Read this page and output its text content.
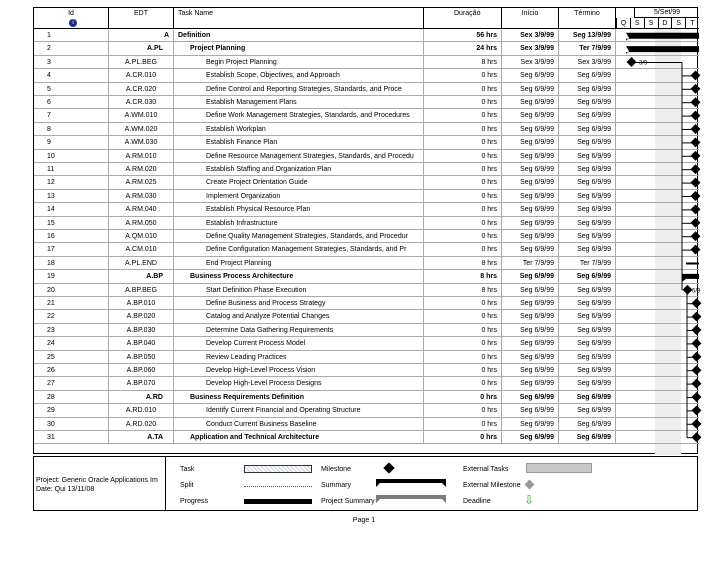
Id
i
EDT	Task Name	Duração	Início	Término	5/Set/99
Q	S	S	D	S	T
1	A	Definition	56 hrs	Sex 3/9/99	Seg 13/9/99
2	A.PL	Project Planning	24 hrs	Sex 3/9/99	Ter 7/9/99
3	A.PL.BEG	Begin Project Planning	8 hrs	Sex 3/9/99	Sex 3/9/99
4	A.CR.010	Establish Scope, Objectives, and Approach	0 hrs	Seg 6/9/99	Seg 6/9/99
5	A.CR.020	Define Control and Reporting Strategies, Standards, and Proce	0 hrs	Seg 6/9/99	Seg 6/9/99
6	A.CR.030	Establish Management Plans	0 hrs	Seg 6/9/99	Seg 6/9/99
7	A.WM.010	Define Work Management Strategies, Standards, and Procedures	0 hrs	Seg 6/9/99	Seg 6/9/99
8	A.WM.020	Establish Workplan	0 hrs	Seg 6/9/99	Seg 6/9/99
9	A.WM.030	Establish Finance Plan	0 hrs	Seg 6/9/99	Seg 6/9/99
10	A.RM.010	Define Resource Management Strategies, Standards, and Procedu	0 hrs	Seg 6/9/99	Seg 6/9/99
11	A.RM.020	Establish Staffing and Organization Plan	0 hrs	Seg 6/9/99	Seg 6/9/99
12	A.RM.025	Create Project Orientation Guide	0 hrs	Seg 6/9/99	Seg 6/9/99
13	A.RM.030	Implement Organization	0 hrs	Seg 6/9/99	Seg 6/9/99
14	A.RM.040	Establish Physical Resource Plan	0 hrs	Seg 6/9/99	Seg 6/9/99
15	A.RM.050	Establish Infrastructure	0 hrs	Seg 6/9/99	Seg 6/9/99
16	A.QM.010	Define Quality Management Strategies, Standards, and Procedur	0 hrs	Seg 6/9/99	Seg 6/9/99
17	A.CM.010	Define Configuration Management Strategies, Standards, and Pr	0 hrs	Seg 6/9/99	Seg 6/9/99
18	A.PL.END	End Project Planning	8 hrs	Ter 7/9/99	Ter 7/9/99
19	A.BP	Business Process Architecture	8 hrs	Seg 6/9/99	Seg 6/9/99
20	A.BP.BEG	Start Definition Phase Execution	8 hrs	Seg 6/9/99	Seg 6/9/99
21	A.BP.010	Define Business and Process Strategy	0 hrs	Seg 6/9/99	Seg 6/9/99
22	A.BP.020	Catalog and Analyze Potential Changes	0 hrs	Seg 6/9/99	Seg 6/9/99
23	A.BP.030	Determine Data Gathering Requirements	0 hrs	Seg 6/9/99	Seg 6/9/99
24	A.BP.040	Develop Current Process Model	0 hrs	Seg 6/9/99	Seg 6/9/99
25	A.BP.050	Review Leading Practices	0 hrs	Seg 6/9/99	Seg 6/9/99
26	A.BP.060	Develop High-Level Process Vision	0 hrs	Seg 6/9/99	Seg 6/9/99
27	A.BP.070	Develop High-Level Process Designs	0 hrs	Seg 6/9/99	Seg 6/9/99
28	A.RD	Business Requirements Definition	0 hrs	Seg 6/9/99	Seg 6/9/99
29	A.RD.010	Identify Current Financial and Operating Structure	0 hrs	Seg 6/9/99	Seg 6/9/99
30	A.RD.020	Conduct Current Business Baseline	0 hrs	Seg 6/9/99	Seg 6/9/99
31	A.TA	Application and Technical Architecture	0 hrs	Seg 6/9/99	Seg 6/9/99
3/9
6/9
Project: Generic Oracle Applications Im
Date: Qui 13/11/08
Task
Split
Progress
Milestone
Summary
Project Summary
External Tasks
External Milestone
Deadline	⇩
Page 1
